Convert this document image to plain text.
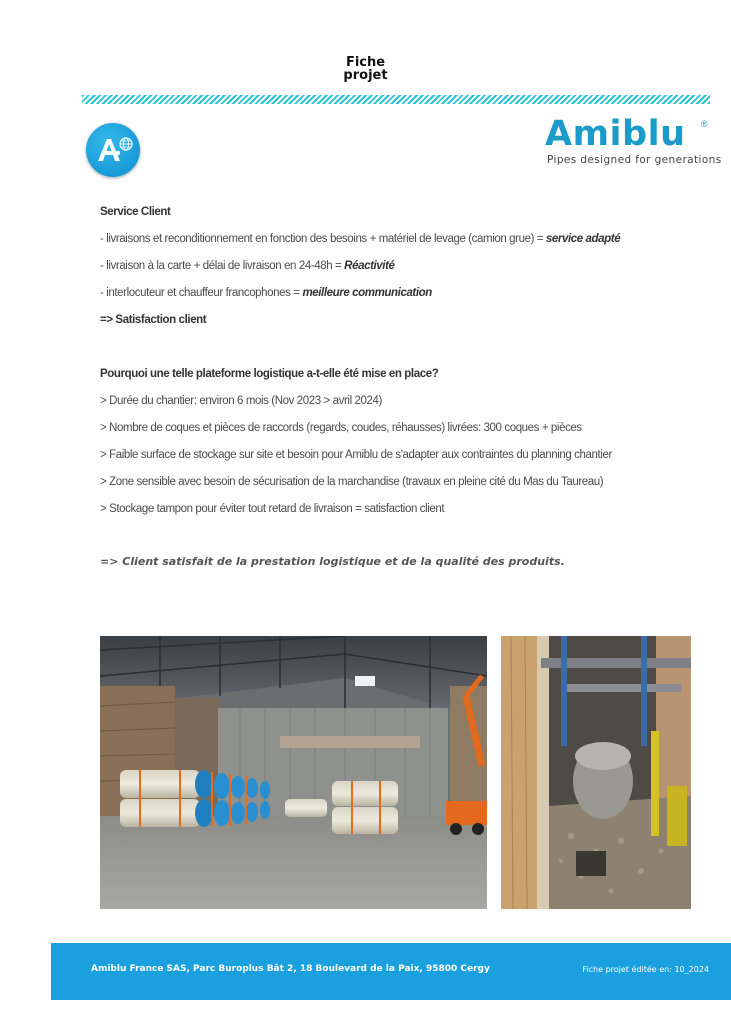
Fiche
projet
Amiblu ®
Pipes designed for generations

Service Client

- livraisons et reconditionnement en fonction des besoins + matériel de levage (camion grue) = service adapté

- livraison à la carte + délai de livraison en 24-48h = Réactivité

- interlocuteur et chauffeur francophones = meilleure communication

=> Satisfaction client

Pourquoi une telle plateforme logistique a-t-elle été mise en place?

> Durée du chantier: environ 6 mois (Nov 2023 > avril 2024)

> Nombre de coques et pièces de raccords (regards, coudes, réhausses) livrées: 300 coques + pièces

> Faible surface de stockage sur site et besoin pour Amiblu de s'adapter aux contraintes du planning chantier

> Zone sensible avec besoin de sécurisation de la marchandise (travaux en pleine cité du Mas du Taureau)

> Stockage tampon pour éviter tout retard de livraison = satisfaction client

=> Client satisfait de la prestation logistique et de la qualité des produits.
Amiblu France SAS, Parc Buroplus Bât 2, 18 Boulevard de la Paix, 95800 Cergy	Fiche projet éditée en: 10_2024
